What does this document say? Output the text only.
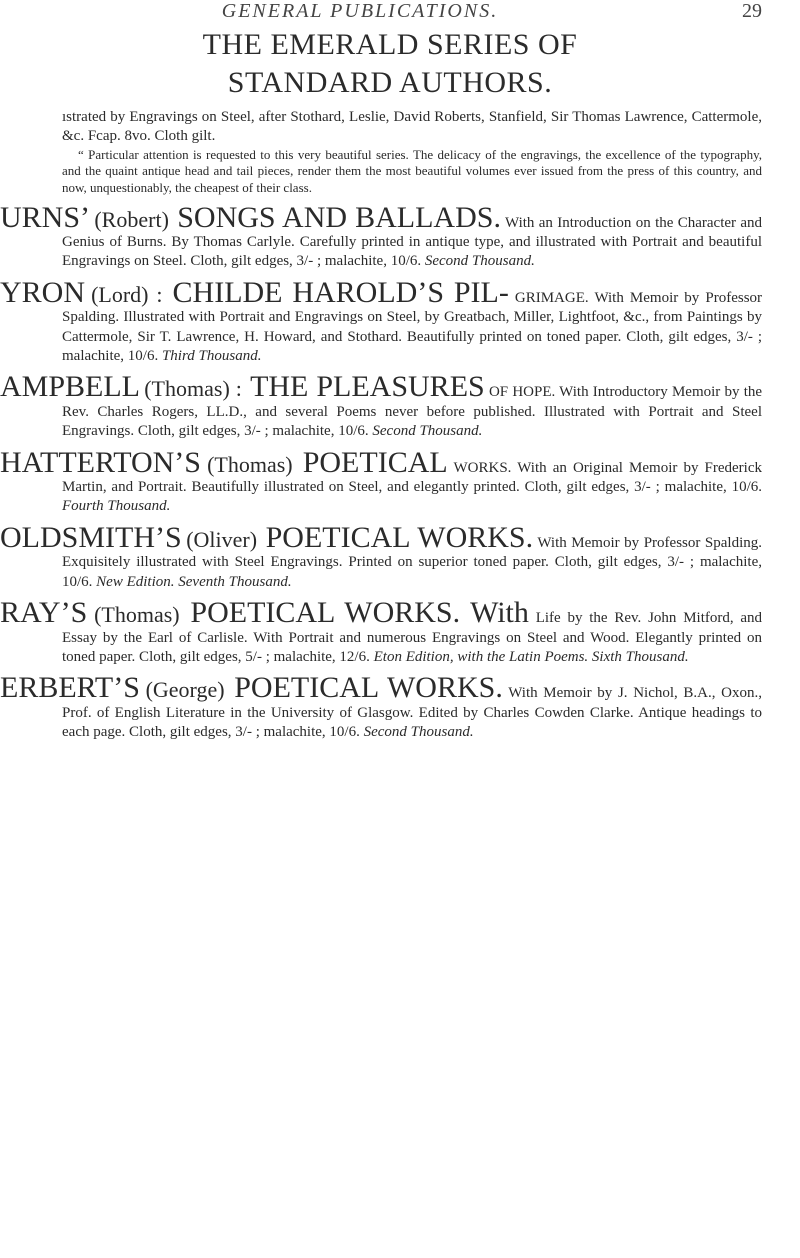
GENERAL PUBLICATIONS.	29
THE EMERALD SERIES OF
STANDARD AUTHORS.

ıstrated by Engravings on Steel, after Stothard, Leslie, David Roberts, Stanfield, Sir Thomas Lawrence, Cattermole, &c. Fcap. 8vo. Cloth gilt.

“ Particular attention is requested to this very beautiful series. The delicacy of the engravings, the excellence of the typography, and the quaint antique head and tail pieces, render them the most beautiful volumes ever issued from the press of this country, and now, unquestionably, the cheapest of their class.

URNS’ (Robert) SONGS AND BALLADS. With an Introduction on the Character and Genius of Burns. By Thomas Carlyle. Carefully printed in antique type, and illustrated with Portrait and beautiful Engravings on Steel. Cloth, gilt edges, 3/- ; malachite, 10/6. Second Thousand.

YRON (Lord) : CHILDE HAROLD’S PIL- GRIMAGE. With Memoir by Professor Spalding. Illustrated with Portrait and Engravings on Steel, by Greatbach, Miller, Lightfoot, &c., from Paintings by Cattermole, Sir T. Lawrence, H. Howard, and Stothard. Beautifully printed on toned paper. Cloth, gilt edges, 3/- ; malachite, 10/6. Third Thousand.

AMPBELL (Thomas) : THE PLEASURES OF HOPE. With Introductory Memoir by the Rev. Charles Rogers, LL.D., and several Poems never before published. Illustrated with Portrait and Steel Engravings. Cloth, gilt edges, 3/- ; malachite, 10/6. Second Thousand.

HATTERTON’S (Thomas) POETICAL WORKS. With an Original Memoir by Frederick Martin, and Portrait. Beautifully illustrated on Steel, and elegantly printed. Cloth, gilt edges, 3/- ; malachite, 10/6. Fourth Thousand.

OLDSMITH’S (Oliver) POETICAL WORKS. With Memoir by Professor Spalding. Exquisitely illustrated with Steel Engravings. Printed on superior toned paper. Cloth, gilt edges, 3/- ; malachite, 10/6. New Edition. Seventh Thousand.

RAY’S (Thomas) POETICAL WORKS. With Life by the Rev. John Mitford, and Essay by the Earl of Carlisle. With Portrait and numerous Engravings on Steel and Wood. Elegantly printed on toned paper. Cloth, gilt edges, 5/- ; malachite, 12/6. Eton Edition, with the Latin Poems. Sixth Thousand.

ERBERT’S (George) POETICAL WORKS. With Memoir by J. Nichol, B.A., Oxon., Prof. of English Literature in the University of Glasgow. Edited by Charles Cowden Clarke. Antique headings to each page. Cloth, gilt edges, 3/- ; malachite, 10/6. Second Thousand.
